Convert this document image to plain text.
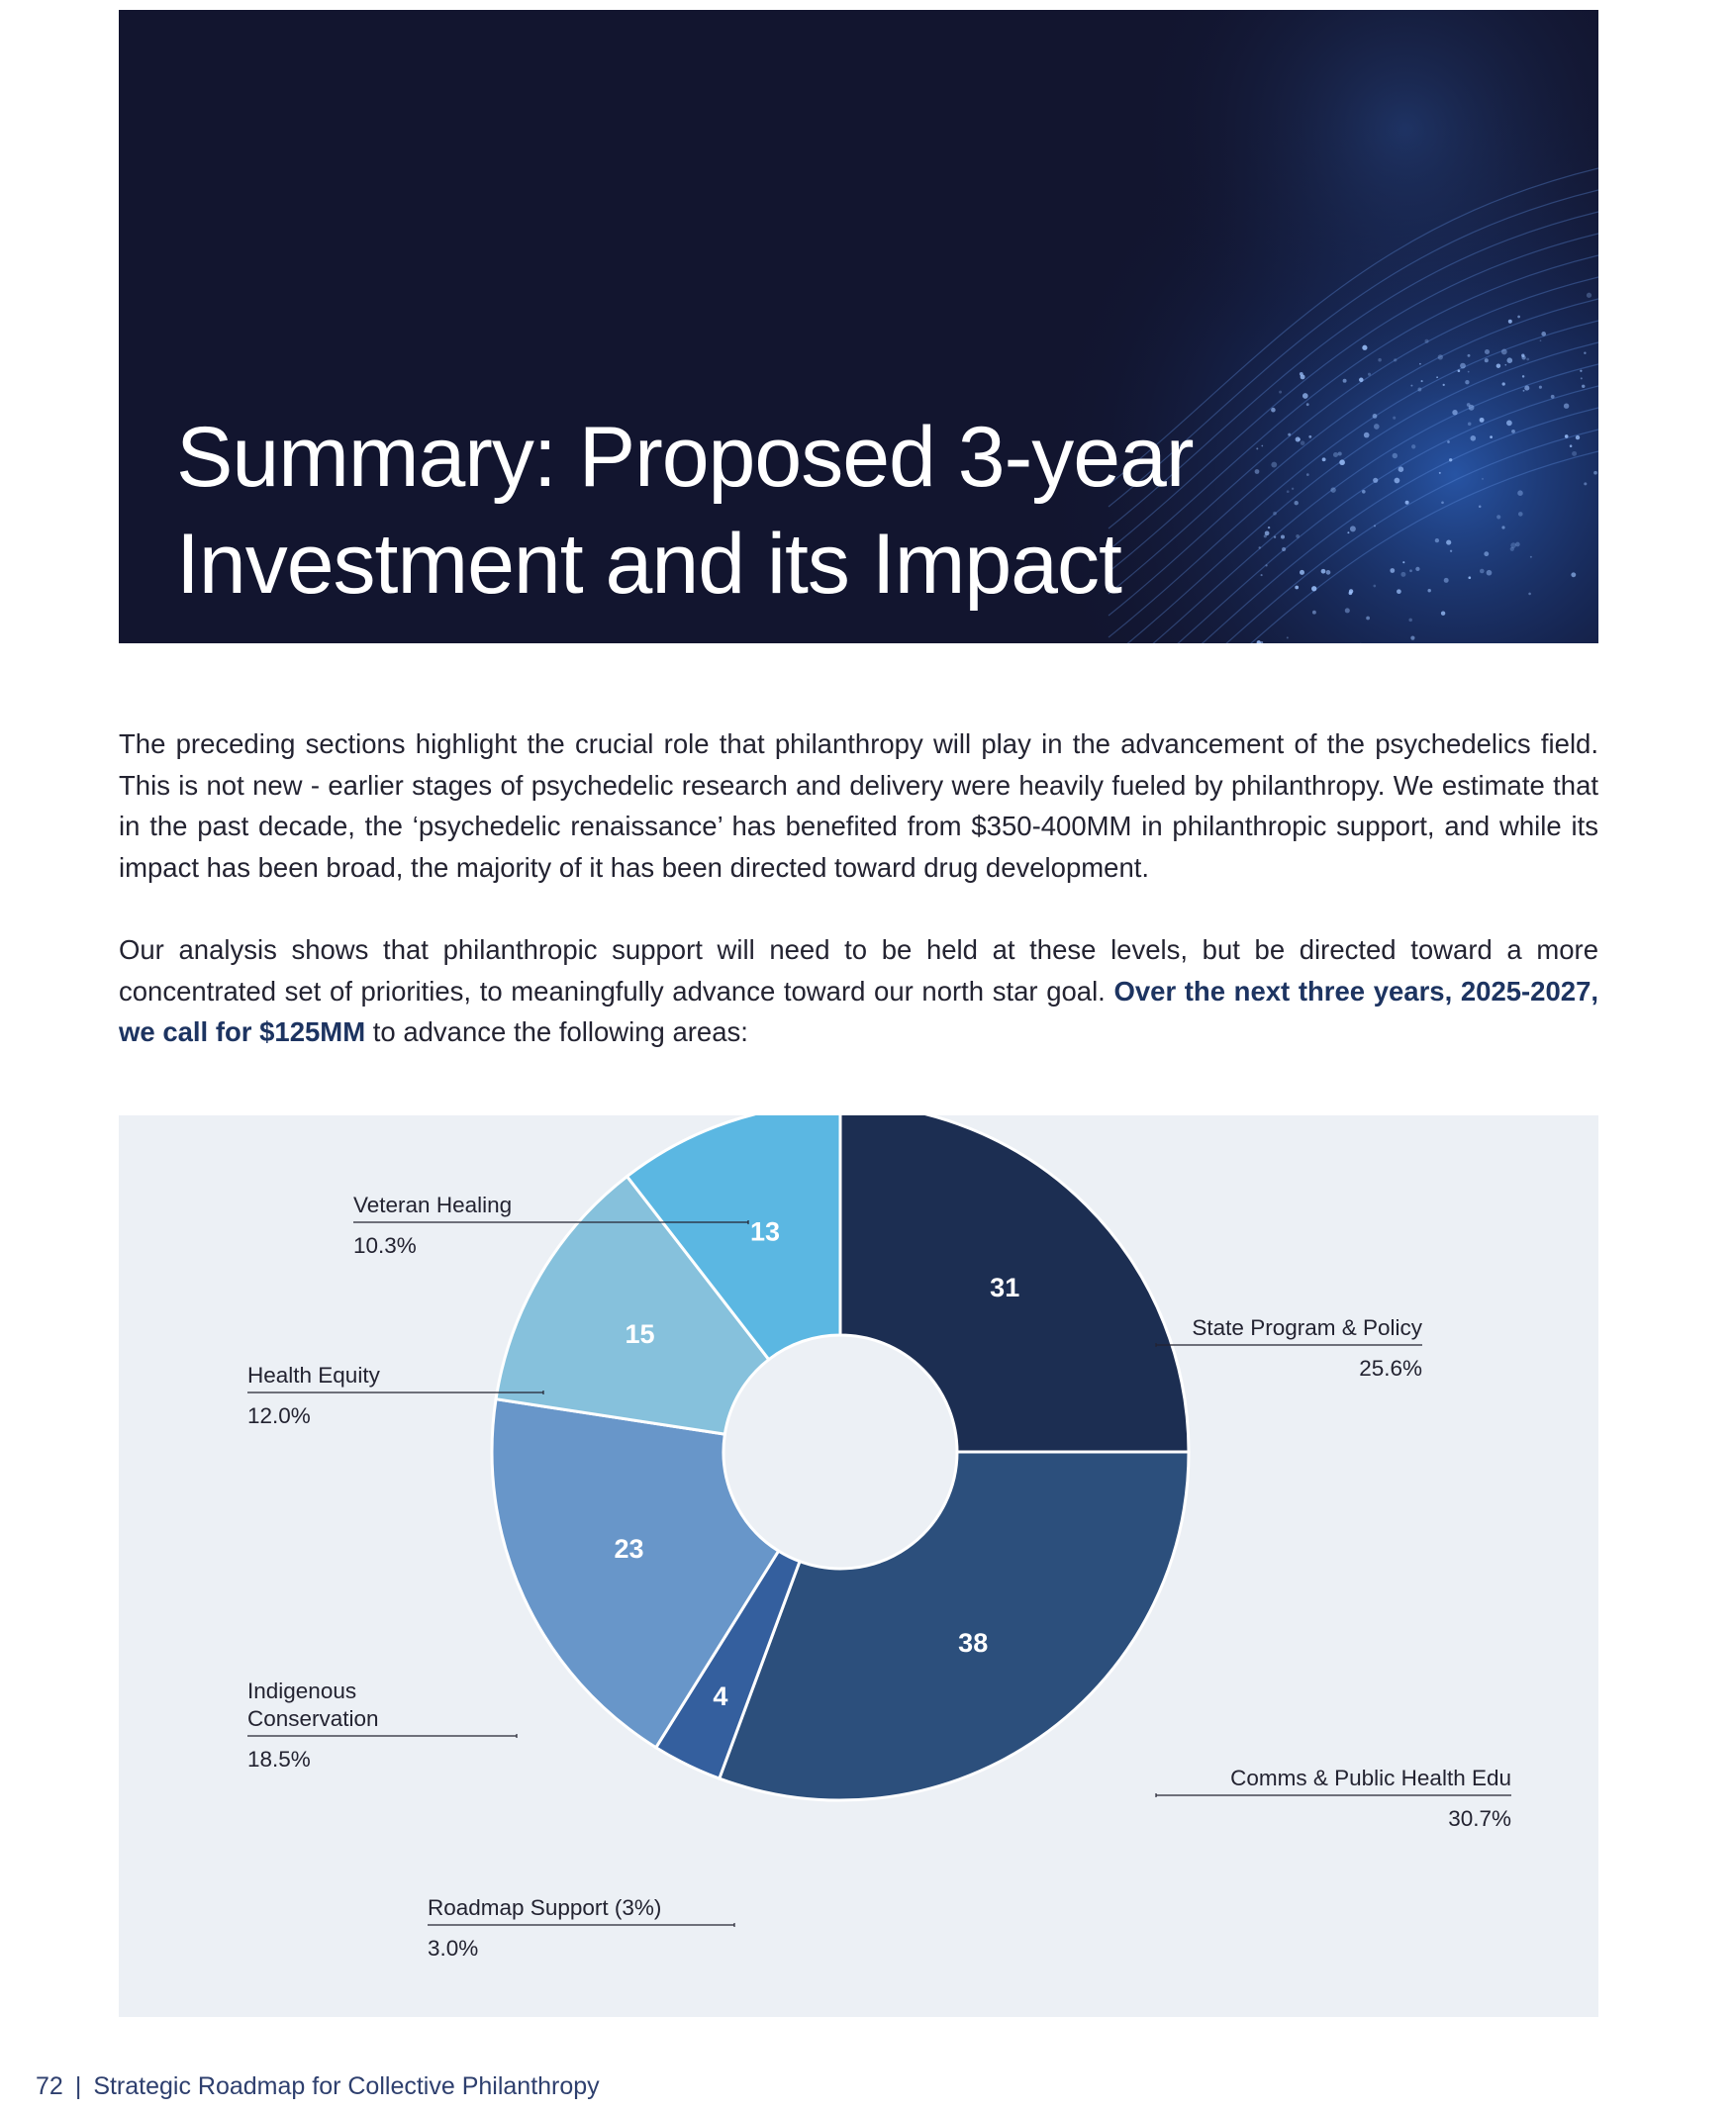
Summary: Proposed 3-year
Investment and its Impact

The preceding sections highlight the crucial role that philanthropy will play in the advancement of the psychedelics field. This is not new - earlier stages of psychedelic research and delivery were heavily fueled by philanthropy. We estimate that in the past decade, the ‘psychedelic renaissance’ has benefited from $350-400MM in philanthropic support, and while its impact has been broad, the majority of it has been directed toward drug development.

Our analysis shows that philanthropic support will need to be held at these levels, but be directed toward a more concentrated set of priorities, to meaningfully advance toward our north star goal. Over the next three years, 2025-2027, we call for $125MM to advance the following areas:

31
38
4
23
15
13
State Program & Policy
25.6%
Comms & Public Health Edu
30.7%
Roadmap Support (3%)
3.0%
Indigenous
Conservation
18.5%
Health Equity
12.0%
Veteran Healing
10.3%

72 | Strategic Roadmap for Collective Philanthropy
